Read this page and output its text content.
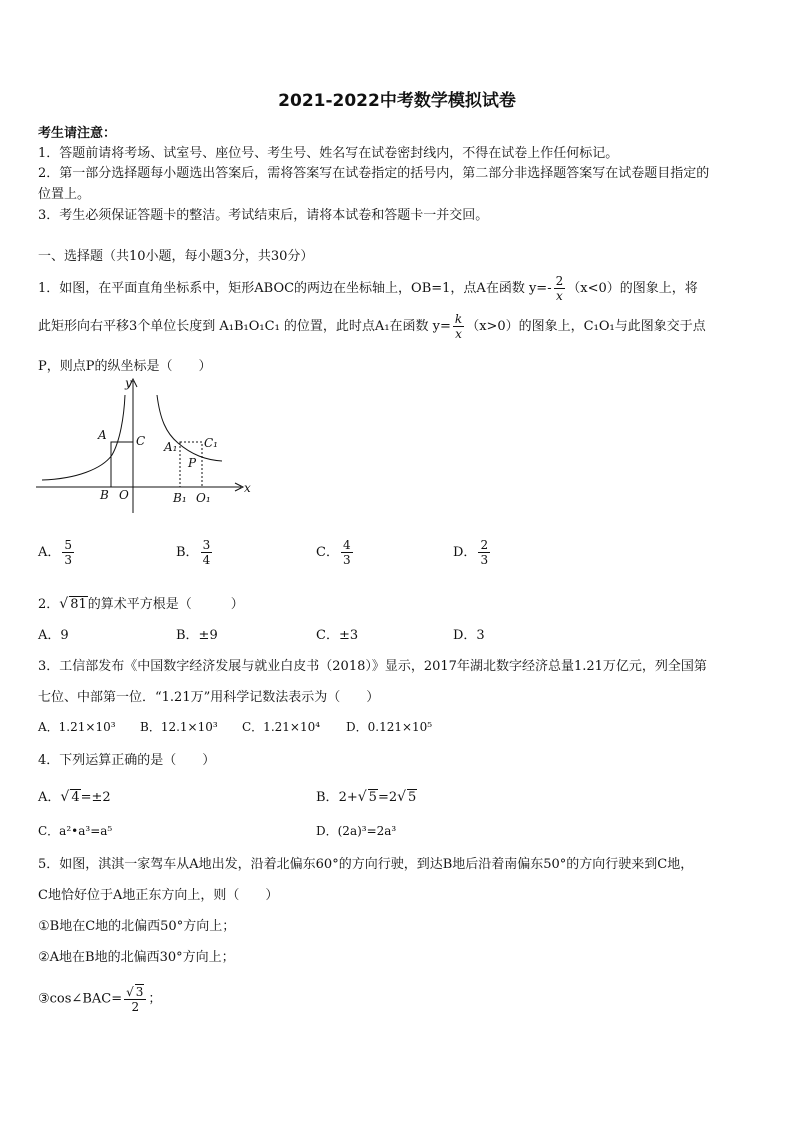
2021-2022中考数学模拟试卷
考生请注意：
1．答题前请将考场、试室号、座位号、考生号、姓名写在试卷密封线内，不得在试卷上作任何标记。
2．第一部分选择题每小题选出答案后，需将答案写在试卷指定的括号内，第二部分非选择题答案写在试卷题目指定的
位置上。
3．考生必须保证答题卡的整洁。考试结束后，请将本试卷和答题卡一并交回。
一、选择题（共10小题，每小题3分，共30分）
1．如图，在平面直角坐标系中，矩形ABOC的两边在坐标轴上，OB=1，点A在函数 $y=- \frac{2}{x} (x<0)$的图象上，将
此矩形向右平移3个单位长度到 A₁B₁O₁C₁ 的位置，此时点A₁在函数 $y= \frac{k}{x} (x>0)$的图象上，C₁O₁与此图象交于点
P，则点P的纵坐标是（　　）
y
x
A C
B O
A₁ C₁
P
B₁ O₁
A． $\frac{5}{3}$	B． $\frac{3}{4}$	C． $\frac{4}{3}$	D． $\frac{2}{3}$
2．√ 81的算术平方根是（　　　）
A．9	B．±9	C．±3	D．3
3．工信部发布《中国数字经济发展与就业白皮书（2018）》显示，2017年湖北数字经济总量1.21万亿元，列全国第
七位、中部第一位．“1.21万”用科学记数法表示为（　　）
A．1.21×10³ B．12.1×10³ C．1.21×10⁴ D．0.121×10⁵
4．下列运算正确的是（　　）
A．√ 4=±2	B．2+√ 5=2√ 5
C．a²•a³=a⁵	D．(2a)³=2a³
5．如图，淇淇一家驾车从A地出发，沿着北偏东60°的方向行驶，到达B地后沿着南偏东50°的方向行驶来到C地，
C地恰好位于A地正东方向上，则（　　）
①B地在C地的北偏西50°方向上；
②A地在B地的北偏西30°方向上；
③cos∠BAC= $\frac{√ 3}{2}$ ；
